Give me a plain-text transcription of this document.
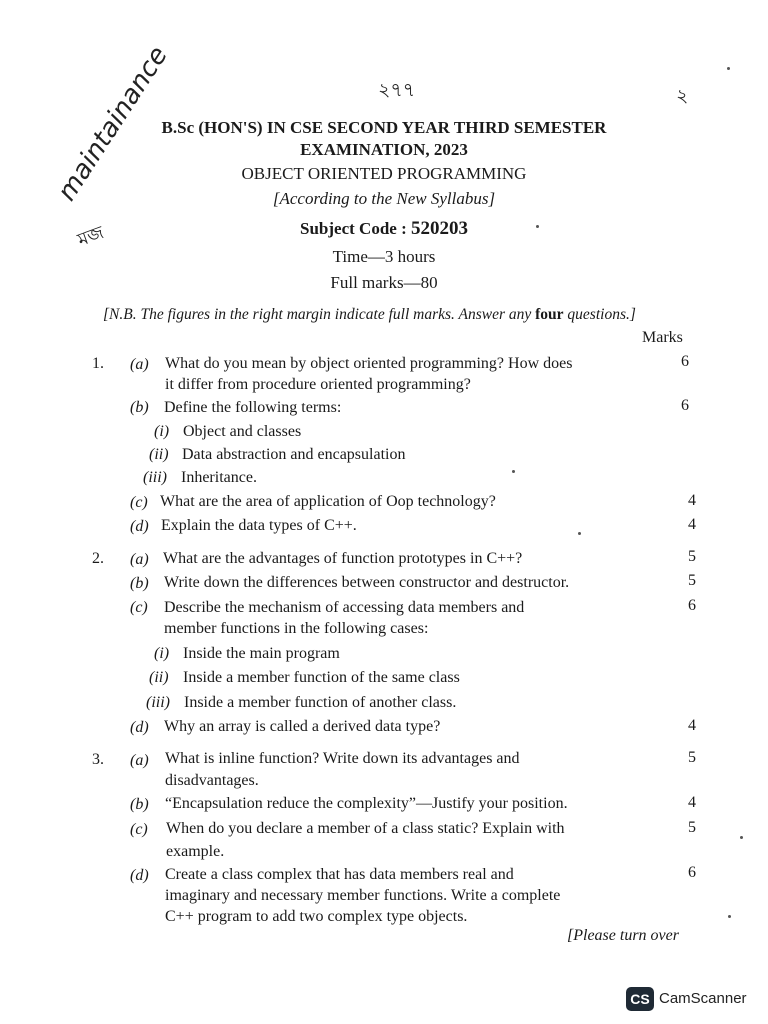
২৭৭	২
maintainance
মজ
B.Sc (HON'S) IN CSE SECOND YEAR THIRD SEMESTER
EXAMINATION, 2023
OBJECT ORIENTED PROGRAMMING
[According to the New Syllabus]
Subject Code : 520203
Time—3 hours
Full marks—80
[N.B. The figures in the right margin indicate full marks. Answer any four questions.]
Marks
1. (a) What do you mean by object oriented programming? How does
it differ from procedure oriented programming?
6
(b) Define the following terms:	6
(i) Object and classes
(ii) Data abstraction and encapsulation
(iii) Inheritance.
(c) What are the area of application of Oop technology?	4
(d) Explain the data types of C++.	4
2. (a) What are the advantages of function prototypes in C++?	5
(b) Write down the differences between constructor and destructor.	5
(c) Describe the mechanism of accessing data members and
member functions in the following cases:
6
(i) Inside the main program
(ii) Inside a member function of the same class
(iii) Inside a member function of another class.
(d) Why an array is called a derived data type?	4
3. (a) What is inline function? Write down its advantages and
disadvantages.
5
(b) “Encapsulation reduce the complexity”—Justify your position.	4
(c) When do you declare a member of a class static? Explain with
example.
5
(d) Create a class complex that has data members real and
imaginary and necessary member functions. Write a complete
C++ program to add two complex type objects.
6
[Please turn over
CS CamScanner
